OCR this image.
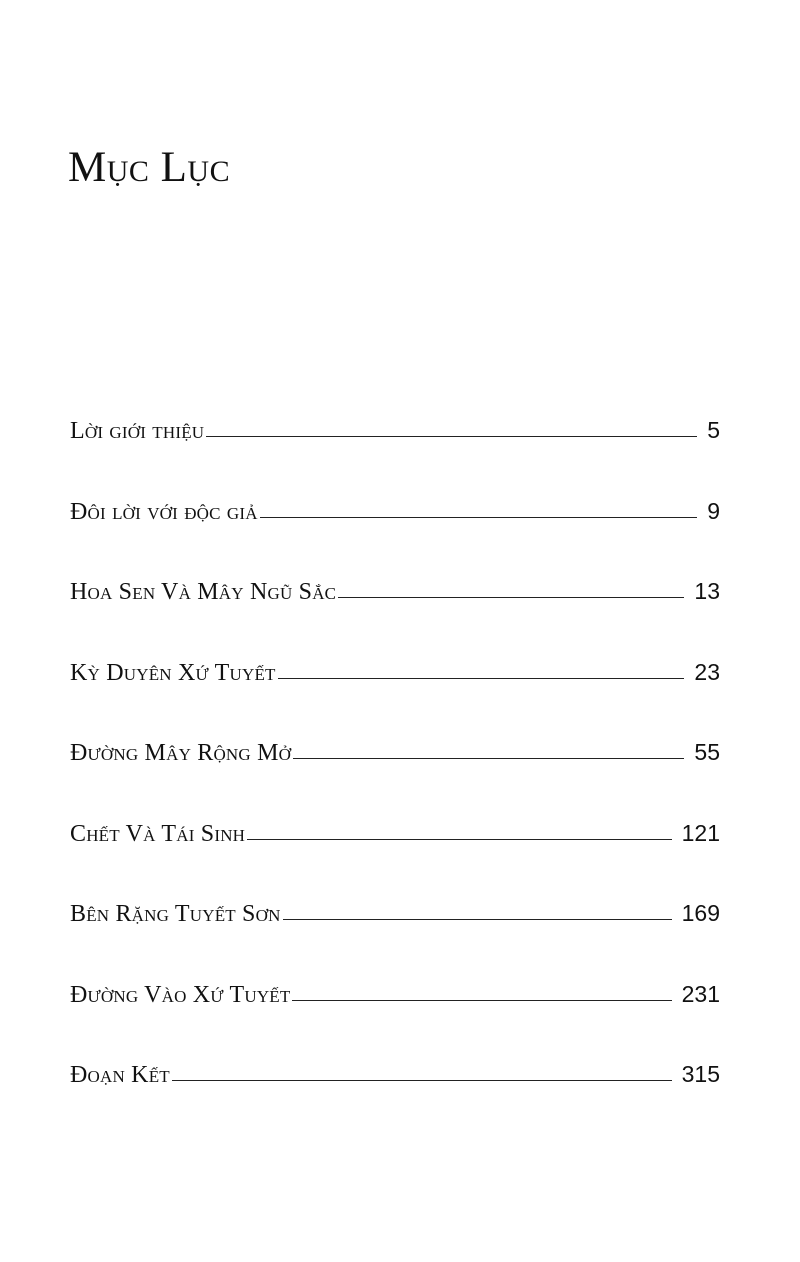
Mục Lục
Lời giới thiệu	5
Đôi lời với độc giả	9
Hoa Sen Và Mây Ngũ Sắc	13
Kỳ Duyên Xứ Tuyết	23
Đường Mây Rộng Mở	55
Chết Và Tái Sinh	121
Bên Rặng Tuyết Sơn	169
Đường Vào Xứ Tuyết	231
Đoạn Kết	315
